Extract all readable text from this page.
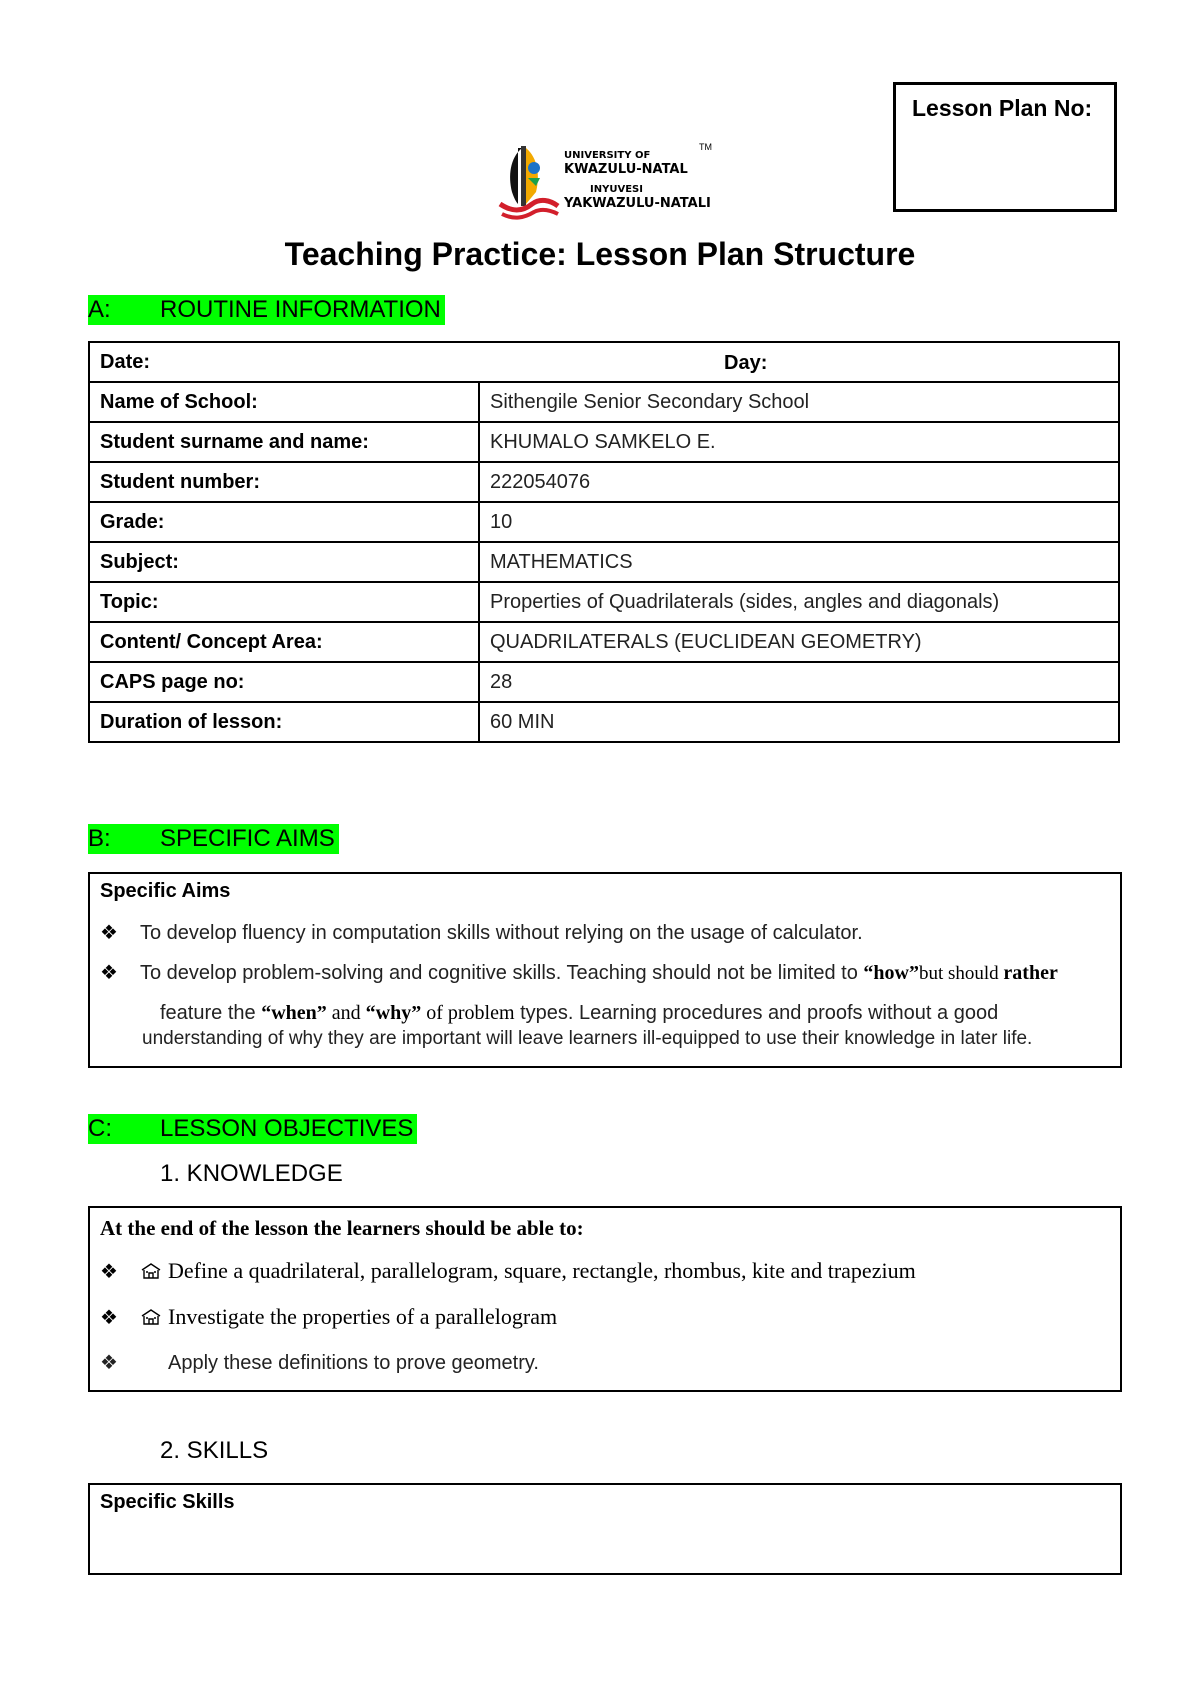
Lesson Plan No:
UNIVERSITY OF
KWAZULU-NATAL
INYUVESI
YAKWAZULU-NATALI
TM
Teaching Practice: Lesson Plan Structure
A: ROUTINE INFORMATION
Date: Day:	

Name of School:	Sithengile Senior Secondary School
Student surname and name:	KHUMALO SAMKELO E.
Student number:	222054076
Grade:	10
Subject:	MATHEMATICS
Topic:	Properties of Quadrilaterals (sides, angles and diagonals)
Content/ Concept Area:	QUADRILATERALS (EUCLIDEAN GEOMETRY)
CAPS page no:	28
Duration of lesson:	60 MIN
B: SPECIFIC AIMS
Specific Aims
❖ To develop fluency in computation skills without relying on the usage of calculator.
❖ To develop problem-solving and cognitive skills. Teaching should not be limited to “how”but should rather
feature the “when” and “why” of problem types. Learning procedures and proofs without a good
understanding of why they are important will leave learners ill-equipped to use their knowledge in later life.
C: LESSON OBJECTIVES
1. KNOWLEDGE
At the end of the lesson the learners should be able to:
❖ Define a quadrilateral, parallelogram, square, rectangle, rhombus, kite and trapezium
❖ Investigate the properties of a parallelogram
❖	Apply these definitions to prove geometry.
2. SKILLS
Specific Skills
